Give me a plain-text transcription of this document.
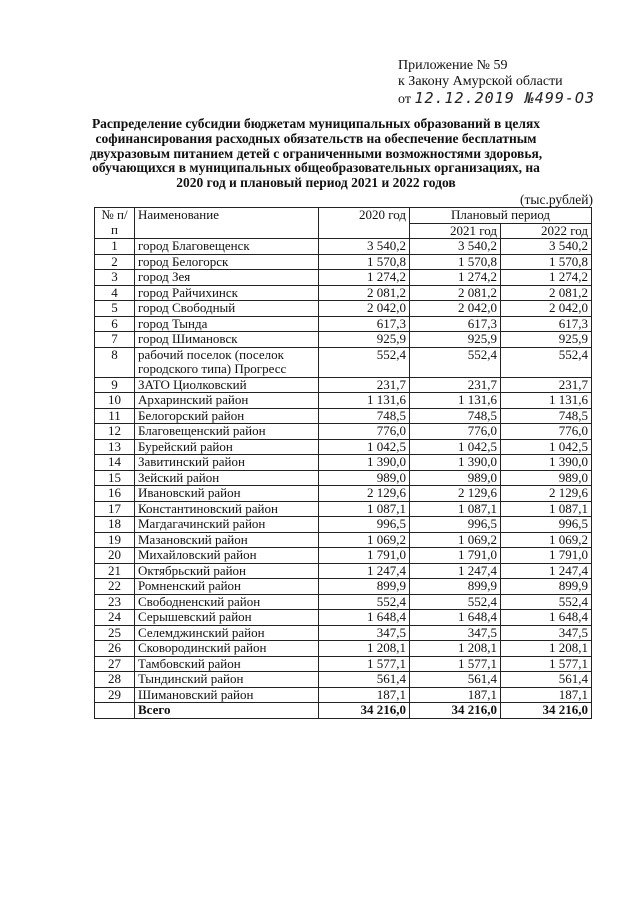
Приложение № 59
к Закону Амурской области
от 12.12.2019 №499-ОЗ
Распределение субсидии бюджетам муниципальных образований в целях софинансирования расходных обязательств на обеспечение бесплатным двухразовым питанием детей с ограниченными возможностями здоровья, обучающихся в муниципальных общеобразовательных организациях, на 2020 год и плановый период 2021 и 2022 годов
(тыс.рублей)
№ п/п	Наименование	2020 год	Плановый период	
			2021 год	2022 год
1	город Благовещенск	3 540,2	3 540,2	3 540,2
2	город Белогорск	1 570,8	1 570,8	1 570,8
3	город Зея	1 274,2	1 274,2	1 274,2
4	город Райчихинск	2 081,2	2 081,2	2 081,2
5	город Свободный	2 042,0	2 042,0	2 042,0
6	город Тында	617,3	617,3	617,3
7	город Шимановск	925,9	925,9	925,9
8	рабочий поселок (поселок городского типа) Прогресс	552,4	552,4	552,4
9	ЗАТО Циолковский	231,7	231,7	231,7
10	Архаринский район	1 131,6	1 131,6	1 131,6
11	Белогорский район	748,5	748,5	748,5
12	Благовещенский район	776,0	776,0	776,0
13	Бурейский район	1 042,5	1 042,5	1 042,5
14	Завитинский район	1 390,0	1 390,0	1 390,0
15	Зейский район	989,0	989,0	989,0
16	Ивановский район	2 129,6	2 129,6	2 129,6
17	Константиновский район	1 087,1	1 087,1	1 087,1
18	Магдагачинский район	996,5	996,5	996,5
19	Мазановский район	1 069,2	1 069,2	1 069,2
20	Михайловский район	1 791,0	1 791,0	1 791,0
21	Октябрьский район	1 247,4	1 247,4	1 247,4
22	Ромненский район	899,9	899,9	899,9
23	Свободненский район	552,4	552,4	552,4
24	Серышевский район	1 648,4	1 648,4	1 648,4
25	Селемджинский район	347,5	347,5	347,5
26	Сковородинский район	1 208,1	1 208,1	1 208,1
27	Тамбовский район	1 577,1	1 577,1	1 577,1
28	Тындинский район	561,4	561,4	561,4
29	Шимановский район	187,1	187,1	187,1
	Всего	34 216,0	34 216,0	34 216,0
